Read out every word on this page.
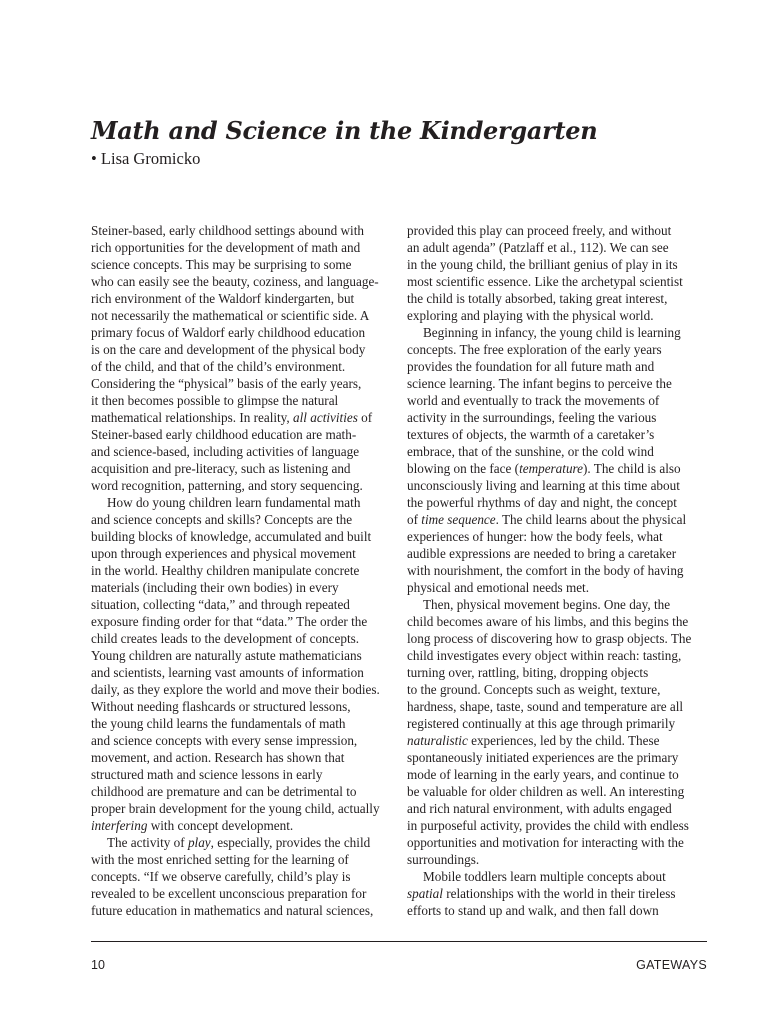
Math and Science in the Kindergarten
• Lisa Gromicko
Steiner-based, early childhood settings abound with
rich opportunities for the development of math and
science concepts. This may be surprising to some
who can easily see the beauty, coziness, and language-
rich environment of the Waldorf kindergarten, but
not necessarily the mathematical or scientific side. A
primary focus of Waldorf early childhood education
is on the care and development of the physical body
of the child, and that of the child’s environment.
Considering the “physical” basis of the early years,
it then becomes possible to glimpse the natural
mathematical relationships. In reality, all activities of
Steiner-based early childhood education are math-
and science-based, including activities of language
acquisition and pre-literacy, such as listening and
word recognition, patterning, and story sequencing.
How do young children learn fundamental math
and science concepts and skills? Concepts are the
building blocks of knowledge, accumulated and built
upon through experiences and physical movement
in the world. Healthy children manipulate concrete
materials (including their own bodies) in every
situation, collecting “data,” and through repeated
exposure finding order for that “data.” The order the
child creates leads to the development of concepts.
Young children are naturally astute mathematicians
and scientists, learning vast amounts of information
daily, as they explore the world and move their bodies.
Without needing flashcards or structured lessons,
the young child learns the fundamentals of math
and science concepts with every sense impression,
movement, and action. Research has shown that
structured math and science lessons in early
childhood are premature and can be detrimental to
proper brain development for the young child, actually
interfering with concept development.
The activity of play, especially, provides the child
with the most enriched setting for the learning of
concepts. “If we observe carefully, child’s play is
revealed to be excellent unconscious preparation for
future education in mathematics and natural sciences,
provided this play can proceed freely, and without
an adult agenda” (Patzlaff et al., 112). We can see
in the young child, the brilliant genius of play in its
most scientific essence. Like the archetypal scientist
the child is totally absorbed, taking great interest,
exploring and playing with the physical world.
Beginning in infancy, the young child is learning
concepts. The free exploration of the early years
provides the foundation for all future math and
science learning. The infant begins to perceive the
world and eventually to track the movements of
activity in the surroundings, feeling the various
textures of objects, the warmth of a caretaker’s
embrace, that of the sunshine, or the cold wind
blowing on the face (temperature). The child is also
unconsciously living and learning at this time about
the powerful rhythms of day and night, the concept
of time sequence. The child learns about the physical
experiences of hunger: how the body feels, what
audible expressions are needed to bring a caretaker
with nourishment, the comfort in the body of having
physical and emotional needs met.
Then, physical movement begins. One day, the
child becomes aware of his limbs, and this begins the
long process of discovering how to grasp objects. The
child investigates every object within reach: tasting,
turning over, rattling, biting, dropping objects
to the ground. Concepts such as weight, texture,
hardness, shape, taste, sound and temperature are all
registered continually at this age through primarily
naturalistic experiences, led by the child. These
spontaneously initiated experiences are the primary
mode of learning in the early years, and continue to
be valuable for older children as well. An interesting
and rich natural environment, with adults engaged
in purposeful activity, provides the child with endless
opportunities and motivation for interacting with the
surroundings.
Mobile toddlers learn multiple concepts about
spatial relationships with the world in their tireless
efforts to stand up and walk, and then fall down
10	GATEWAYS
